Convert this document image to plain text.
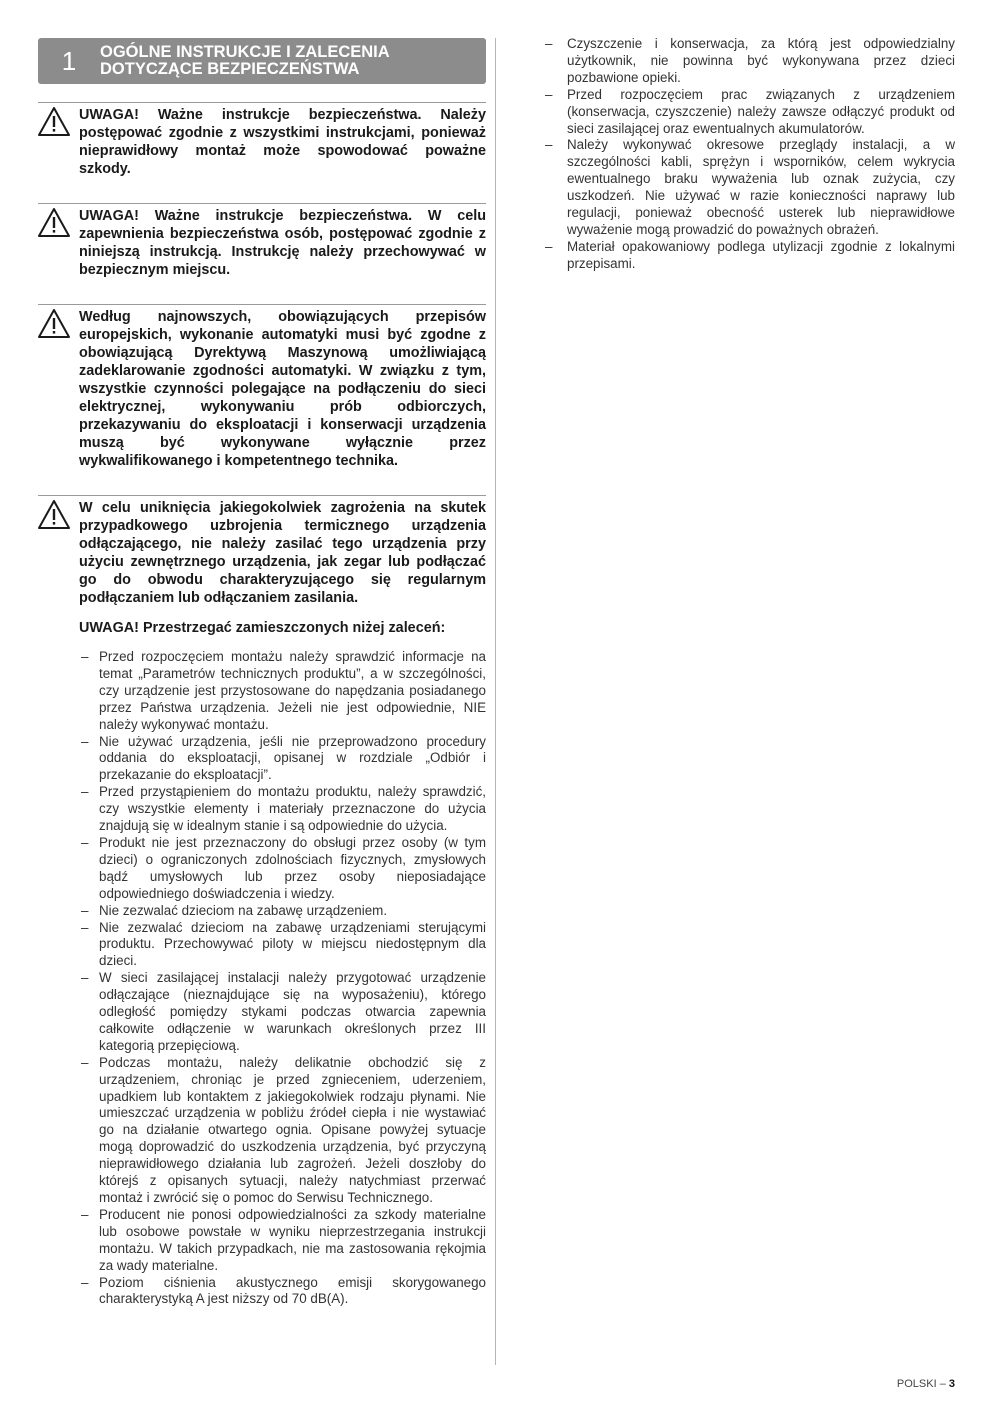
1	OGÓLNE INSTRUKCJE I ZALECENIA
DOTYCZĄCE BEZPIECZEŃSTWA
UWAGA! Ważne instrukcje bezpieczeństwa. Należy postępować zgodnie z wszystkimi instrukcjami, ponieważ nieprawidłowy montaż może spowodować poważne szkody.
UWAGA! Ważne instrukcje bezpieczeństwa. W celu zapewnienia bezpieczeństwa osób, postępować zgodnie z niniejszą instrukcją. Instrukcję należy przechowywać w bezpiecznym miejscu.
Według najnowszych, obowiązujących przepisów europejskich, wykonanie automatyki musi być zgodne z obowiązującą Dyrektywą Maszynową umożliwiającą zadeklarowanie zgodności automatyki. W związku z tym, wszystkie czynności polegające na podłączeniu do sieci elektrycznej, wykonywaniu prób odbiorczych, przekazywaniu do eksploatacji i konserwacji urządzenia muszą być wykonywane wyłącznie przez wykwalifikowanego i kompetentnego technika.
W celu uniknięcia jakiegokolwiek zagrożenia na skutek przypadkowego uzbrojenia termicznego urządzenia odłączającego, nie należy zasilać tego urządzenia przy użyciu zewnętrznego urządzenia, jak zegar lub podłączać go do obwodu charakteryzującego się regularnym podłączaniem lub odłączaniem zasilania.
UWAGA! Przestrzegać zamieszczonych niżej zaleceń:
– Przed rozpoczęciem montażu należy sprawdzić informacje na temat „Parametrów technicznych produktu”, a w szczególności, czy urządzenie jest przystosowane do napędzania posiadanego przez Państwa urządzenia. Jeżeli nie jest odpowiednie, NIE należy wykonywać montażu.
– Nie używać urządzenia, jeśli nie przeprowadzono procedury oddania do eksploatacji, opisanej w rozdziale „Odbiór i przekazanie do eksploatacji”.
– Przed przystąpieniem do montażu produktu, należy sprawdzić, czy wszystkie elementy i materiały przeznaczone do użycia znajdują się w idealnym stanie i są odpowiednie do użycia.
– Produkt nie jest przeznaczony do obsługi przez osoby (w tym dzieci) o ograniczonych zdolnościach fizycznych, zmysłowych bądź umysłowych lub przez osoby nieposiadające odpowiedniego doświadczenia i wiedzy.
– Nie zezwalać dzieciom na zabawę urządzeniem.
– Nie zezwalać dzieciom na zabawę urządzeniami sterującymi produktu. Przechowywać piloty w miejscu niedostępnym dla dzieci.
– W sieci zasilającej instalacji należy przygotować urządzenie odłączające (nieznajdujące się na wyposażeniu), którego odległość pomiędzy stykami podczas otwarcia zapewnia całkowite odłączenie w warunkach określonych przez III kategorią przepięciową.
– Podczas montażu, należy delikatnie obchodzić się z urządzeniem, chroniąc je przed zgnieceniem, uderzeniem, upadkiem lub kontaktem z jakiegokolwiek rodzaju płynami. Nie umieszczać urządzenia w pobliżu źródeł ciepła i nie wystawiać go na działanie otwartego ognia. Opisane powyżej sytuacje mogą doprowadzić do uszkodzenia urządzenia, być przyczyną nieprawidłowego działania lub zagrożeń. Jeżeli doszłoby do którejś z opisanych sytuacji, należy natychmiast przerwać montaż i zwrócić się o pomoc do Serwisu Technicznego.
– Producent nie ponosi odpowiedzialności za szkody materialne lub osobowe powstałe w wyniku nieprzestrzegania instrukcji montażu. W takich przypadkach, nie ma zastosowania rękojmia za wady materialne.
– Poziom ciśnienia akustycznego emisji skorygowanego charakterystyką A jest niższy od 70 dB(A).
– Czyszczenie i konserwacja, za którą jest odpowiedzialny użytkownik, nie powinna być wykonywana przez dzieci pozbawione opieki.
– Przed rozpoczęciem prac związanych z urządzeniem (konserwacja, czyszczenie) należy zawsze odłączyć produkt od sieci zasilającej oraz ewentualnych akumulatorów.
– Należy wykonywać okresowe przeglądy instalacji, a w szczególności kabli, sprężyn i wsporników, celem wykrycia ewentualnego braku wyważenia lub oznak zużycia, czy uszkodzeń. Nie używać w razie konieczności naprawy lub regulacji, ponieważ obecność usterek lub nieprawidłowe wyważenie mogą prowadzić do poważnych obrażeń.
– Materiał opakowaniowy podlega utylizacji zgodnie z lokalnymi przepisami.
POLSKI – 3
